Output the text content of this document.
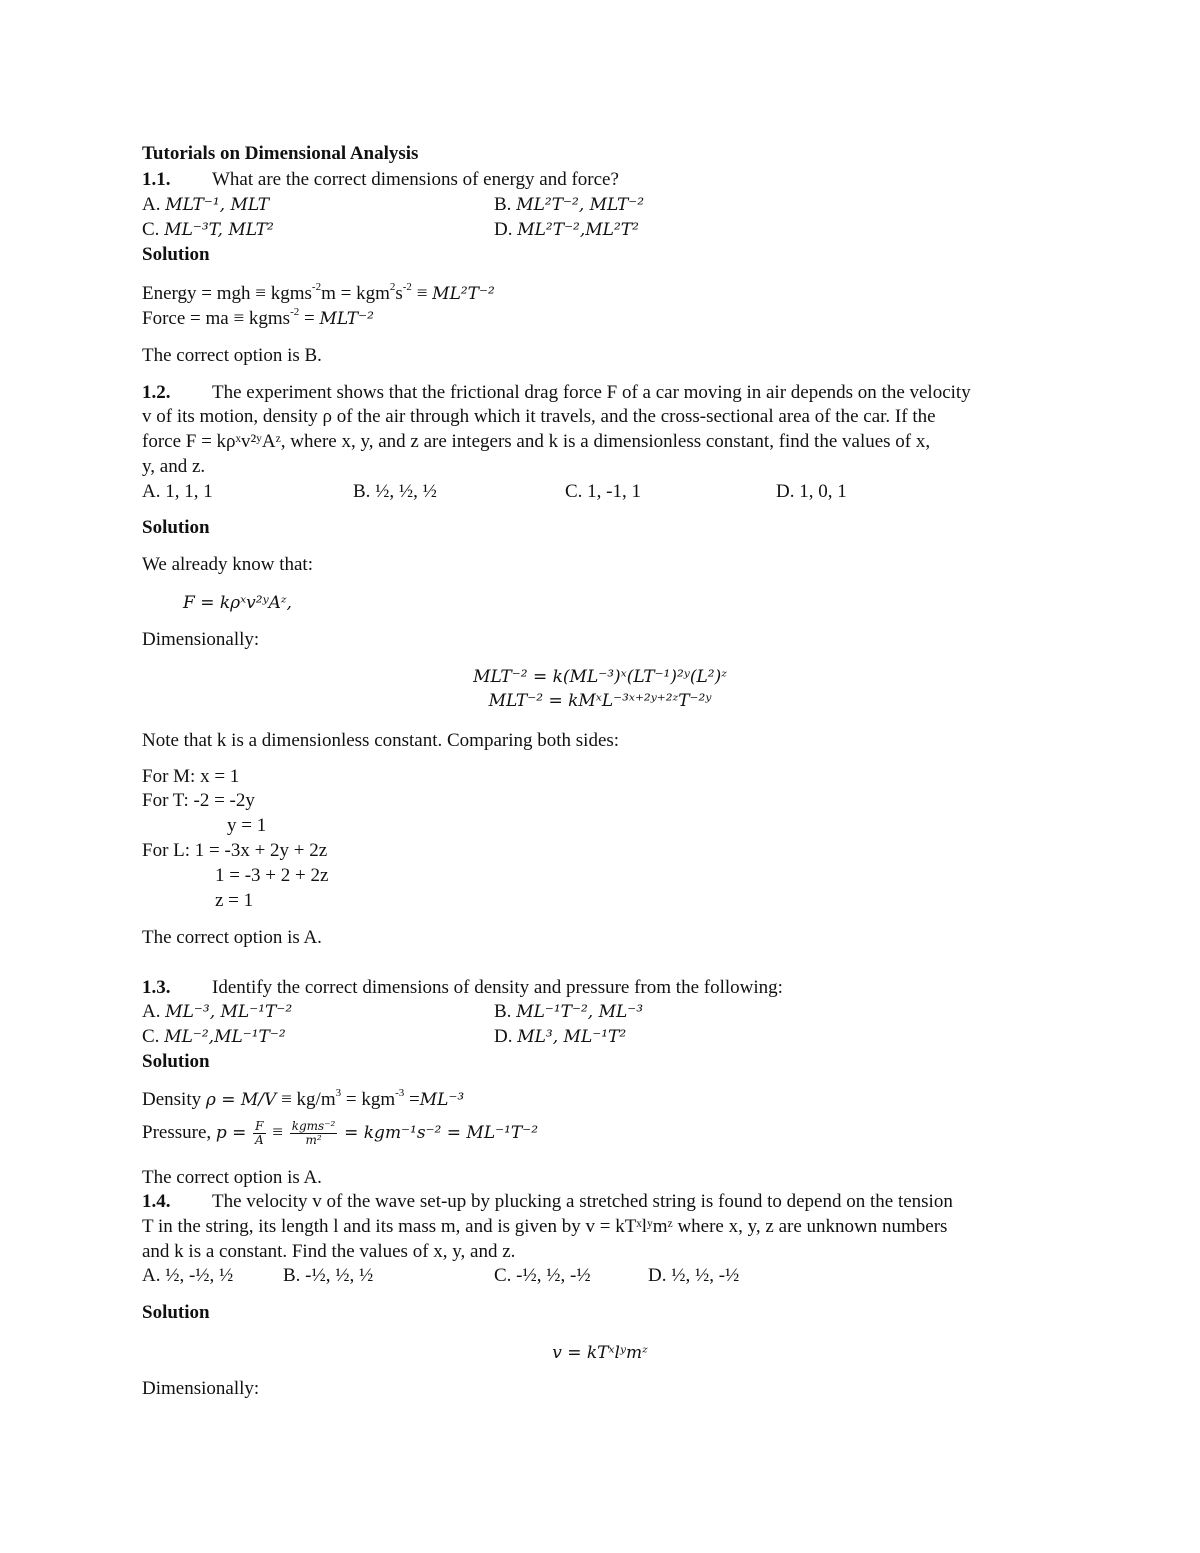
Tutorials on Dimensional Analysis
1.1. What are the correct dimensions of energy and force?
A. MLT⁻¹, MLT	B. ML²T⁻², MLT⁻²
C. ML⁻³T, MLT²	D. ML²T⁻²,ML²T²
Solution
Energy = mgh ≡ kgms$^{-2}$m = $kgm^2s^{-2} \equiv ML^2T^{-2}$
Force = ma ≡ kgms$^{-2}$ = MLT⁻²
The correct option is B.
1.2. The experiment shows that the frictional drag force F of a car moving in air depends on the velocity
v of its motion, density ρ of the air through which it travels, and the cross-sectional area of the car. If the
force F = kρˣv²ʸAᶻ, where x, y, and z are integers and k is a dimensionless constant, find the values of x,
y, and z.
A. 1, 1, 1	B. ½, ½, ½	C. 1, -1, 1	D. 1, 0, 1
Solution
We already know that:
F = kρˣv²ʸAᶻ,
Dimensionally:
MLT⁻² = k(ML⁻³)ˣ(LT⁻¹)²ʸ(L²)ᶻ
MLT⁻² = kMˣL⁻³ˣ⁺²ʸ⁺²ᶻT⁻²ʸ
Note that k is a dimensionless constant. Comparing both sides:
For M: x = 1
For T: -2 = -2y
y = 1
For L: 1 = -3x + 2y + 2z
1 = -3 + 2 + 2z
z = 1
The correct option is A.
1.3. Identify the correct dimensions of density and pressure from the following:
A. ML⁻³, ML⁻¹T⁻²	B. ML⁻¹T⁻², ML⁻³
C. ML⁻²,ML⁻¹T⁻²	D. ML³, ML⁻¹T²
Solution
Density $\rho = M/V \equiv kg/m^3 = kgm^{-3} =ML^{-3}$
Pressure, $p = \frac{F}{A} \equiv \frac{\text{kgms⁻²}}{\text{m²}} = kgm^{-1}s^{-2} = ML^{-1}T^{-2}$
The correct option is A.
1.4. The velocity v of the wave set-up by plucking a stretched string is found to depend on the tension
T in the string, its length l and its mass m, and is given by v = kTˣlʸmᶻ where x, y, z are unknown numbers
and k is a constant. Find the values of x, y, and z.
A. ½, -½, ½	B. -½, ½, ½	C. -½, ½, -½	D. ½, ½, -½
Solution
v = kTˣlʸmᶻ
Dimensionally:
